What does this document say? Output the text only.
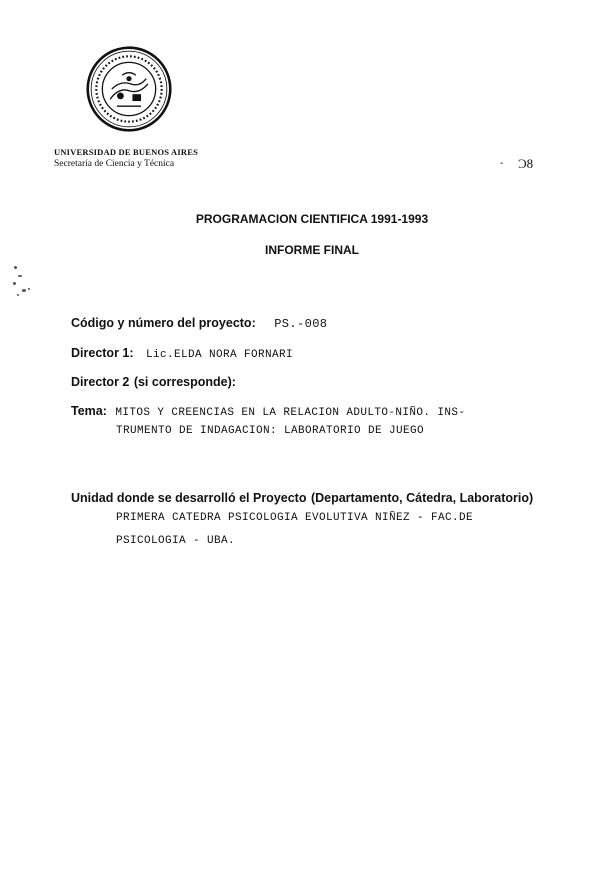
UNIVERSIDAD DE BUENOS AIRES
Secretaría de Ciencia y Técnica	- Ɔ8
PROGRAMACION CIENTIFICA 1991-1993
INFORME FINAL
Código y número del proyecto: PS.-008
Director 1: Lic.ELDA NORA FORNARI
Director 2 (si corresponde):
Tema: MITOS Y CREENCIAS EN LA RELACION ADULTO-NIÑO. INS-
TRUMENTO DE INDAGACION: LABORATORIO DE JUEGO
Unidad donde se desarrolló el Proyecto (Departamento, Cátedra, Laboratorio)
PRIMERA CATEDRA PSICOLOGIA EVOLUTIVA NIÑEZ - FAC.DE
PSICOLOGIA - UBA.
